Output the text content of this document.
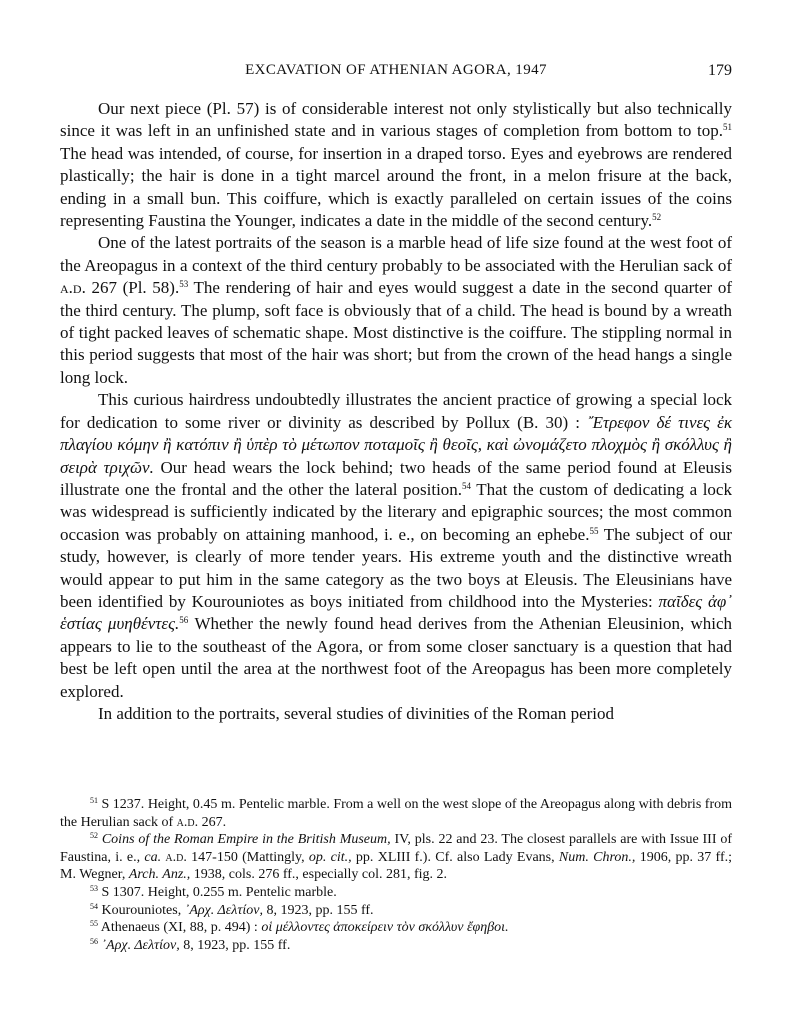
EXCAVATION OF ATHENIAN AGORA, 1947	179

Our next piece (Pl. 57) is of considerable interest not only stylistically but also technically since it was left in an unfinished state and in various stages of completion from bottom to top.$^{51}$ The head was intended, of course, for insertion in a draped torso. Eyes and eyebrows are rendered plastically; the hair is done in a tight marcel around the front, in a melon frisure at the back, ending in a small bun. This coiffure, which is exactly paralleled on certain issues of the coins representing Faustina the Younger, indicates a date in the middle of the second century.$^{52}$

One of the latest portraits of the season is a marble head of life size found at the west foot of the Areopagus in a context of the third century probably to be associated with the Herulian sack of a.d. 267 (Pl. 58).$^{53}$ The rendering of hair and eyes would suggest a date in the second quarter of the third century. The plump, soft face is obviously that of a child. The head is bound by a wreath of tight packed leaves of schematic shape. Most distinctive is the coiffure. The stippling normal in this period suggests that most of the hair was short; but from the crown of the head hangs a single long lock.

This curious hairdress undoubtedly illustrates the ancient practice of growing a special lock for dedication to some river or divinity as described by Pollux (B. 30) : ῎Ετρεφον δέ τινες ἐκ πλαγίου κόμην ἢ κατόπιν ἢ ὑπὲρ τὸ μέτωπον ποταμοῖς ἢ θεοῖς, καὶ ὠνομάζετο πλοχμὸς ἢ σκόλλυς ἢ σειρὰ τριχῶν. Our head wears the lock behind; two heads of the same period found at Eleusis illustrate one the frontal and the other the lateral position.$^{54}$ That the custom of dedicating a lock was widespread is sufficiently indicated by the literary and epigraphic sources; the most common occasion was probably on attaining manhood, i. e., on becoming an ephebe.$^{55}$ The subject of our study, however, is clearly of more tender years. His extreme youth and the distinctive wreath would appear to put him in the same category as the two boys at Eleusis. The Eleusinians have been identified by Kourouniotes as boys initiated from childhood into the Mysteries: παῖδες ἀφ᾽ ἑστίας μυηθέντες.$^{56}$ Whether the newly found head derives from the Athenian Eleusinion, which appears to lie to the southeast of the Agora, or from some closer sanctuary is a question that had best be left open until the area at the northwest foot of the Areopagus has been more completely explored.

In addition to the portraits, several studies of divinities of the Roman period

$^{51}$ S 1237. Height, 0.45 m. Pentelic marble. From a well on the west slope of the Areopagus along with debris from the Herulian sack of a.d. 267.

$^{52}$ Coins of the Roman Empire in the British Museum, IV, pls. 22 and 23. The closest parallels are with Issue III of Faustina, i. e., ca. a.d. 147-150 (Mattingly, op. cit., pp. XLIII f.). Cf. also Lady Evans, Num. Chron., 1906, pp. 37 ff.; M. Wegner, Arch. Anz., 1938, cols. 276 ff., especially col. 281, fig. 2.

$^{53}$ S 1307. Height, 0.255 m. Pentelic marble.

$^{54}$ Kourouniotes, ᾿Αρχ. Δελτίον, 8, 1923, pp. 155 ff.

$^{55}$ Athenaeus (XI, 88, p. 494) : οἱ μέλλοντες ἀποκείρειν τὸν σκόλλυν ἔφηβοι.

$^{56}$ ᾿Αρχ. Δελτίον, 8, 1923, pp. 155 ff.
